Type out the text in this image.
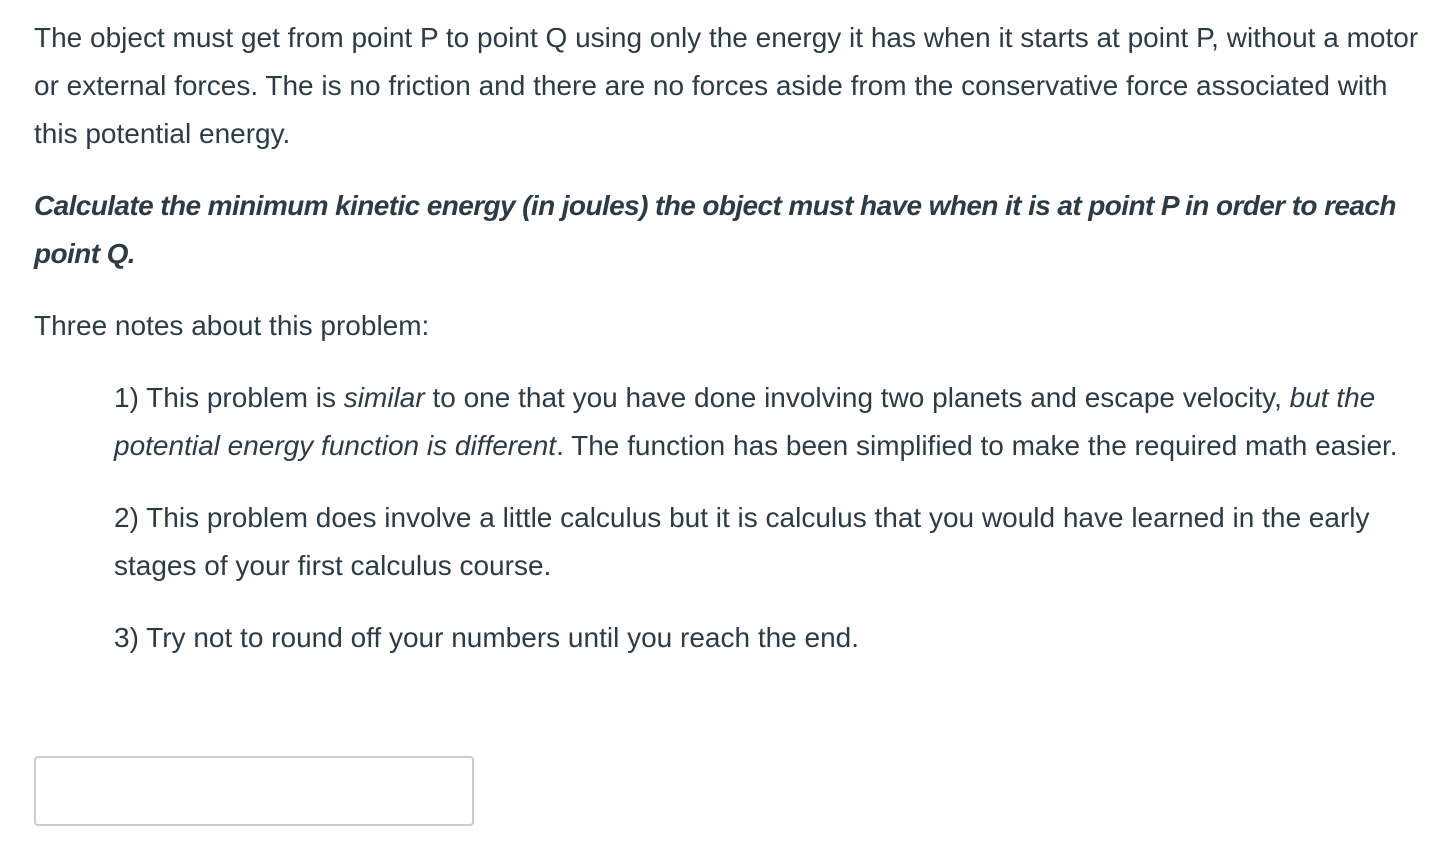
The object must get from point P to point Q using only the energy it has when it starts at point P, without a motor or external forces. The is no friction and there are no forces aside from the conservative force associated with this potential energy.

Calculate the minimum kinetic energy (in joules) the object must have when it is at point P in order to reach point Q.

Three notes about this problem:

1) This problem is similar to one that you have done involving two planets and escape velocity, but the potential energy function is different. The function has been simplified to make the required math easier.

2) This problem does involve a little calculus but it is calculus that you would have learned in the early stages of your first calculus course.

3) Try not to round off your numbers until you reach the end.
